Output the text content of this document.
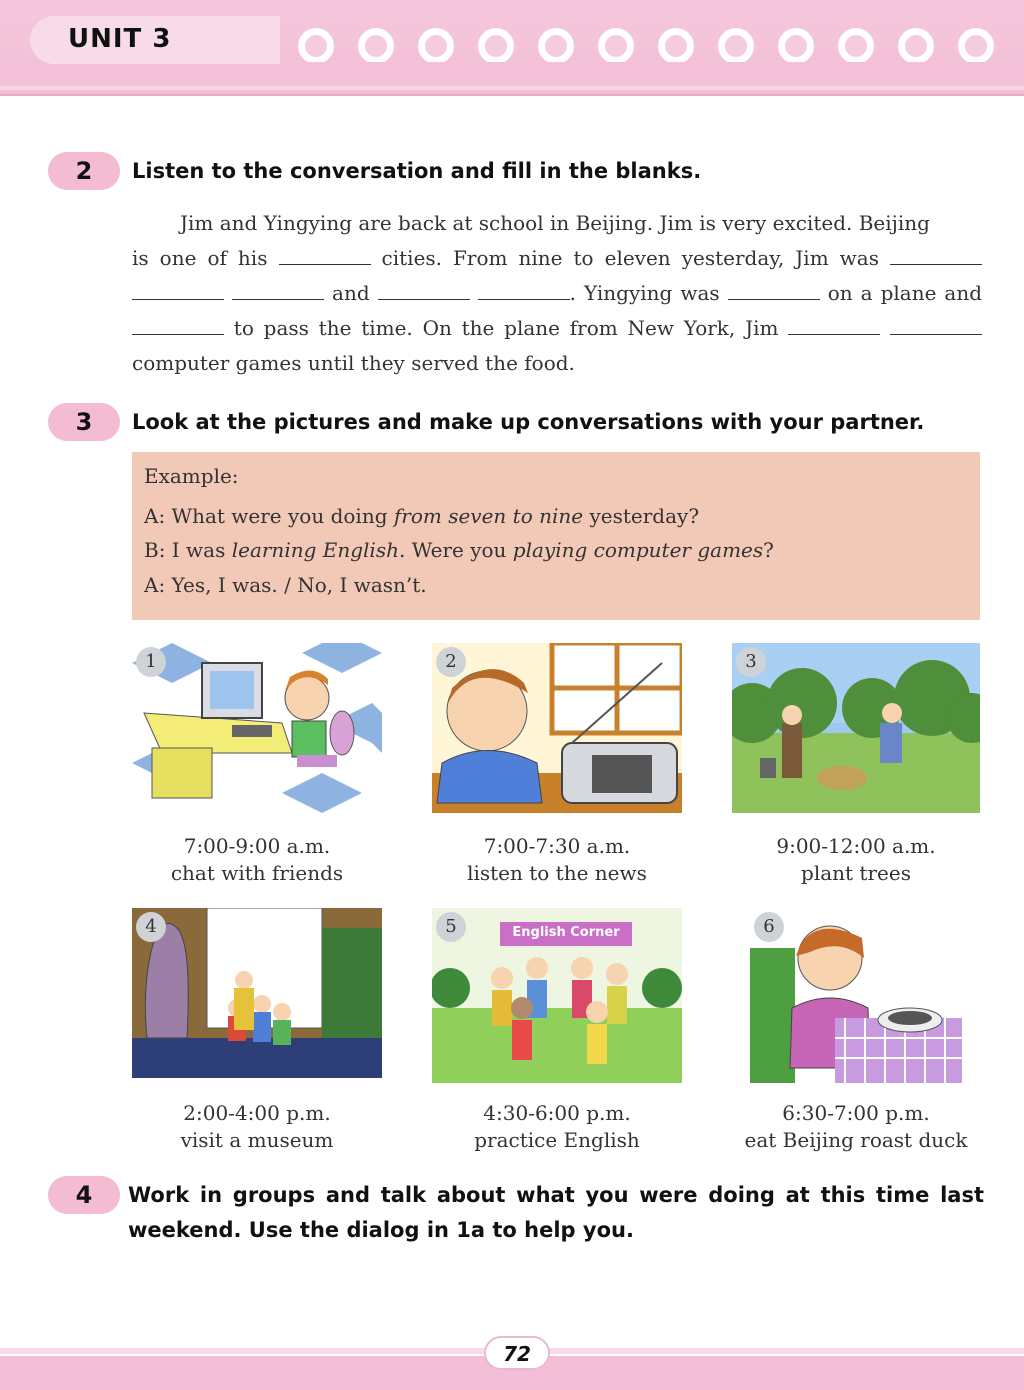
UNIT 3
2	Listen to the conversation and fill in the blanks.
Jim and Yingying are back at school in Beijing. Jim is very excited. Beijing
is one of his	cities. From nine to eleven yesterday, Jim was
and	. Yingying was	on a plane and
to pass the time. On the plane from New York, Jim
computer games until they served the food.
3	Look at the pictures and make up conversations with your partner.
Example:
A: What were you doing from seven to nine yesterday?
B: I was learning English. Were you playing computer games?
A: Yes, I was. / No, I wasn’t.
1	2	3
7:00-9:00 a.m.
chat with friends
7:00-7:30 a.m.
listen to the news
9:00-12:00 a.m.
plant trees
4	English Corner
5	6
2:00-4:00 p.m.
visit a museum
4:30-6:00 p.m.
practice English
6:30-7:00 p.m.
eat Beijing roast duck
4	Work in groups and talk about what you were doing at this time last
weekend. Use the dialog in 1a to help you.
72
